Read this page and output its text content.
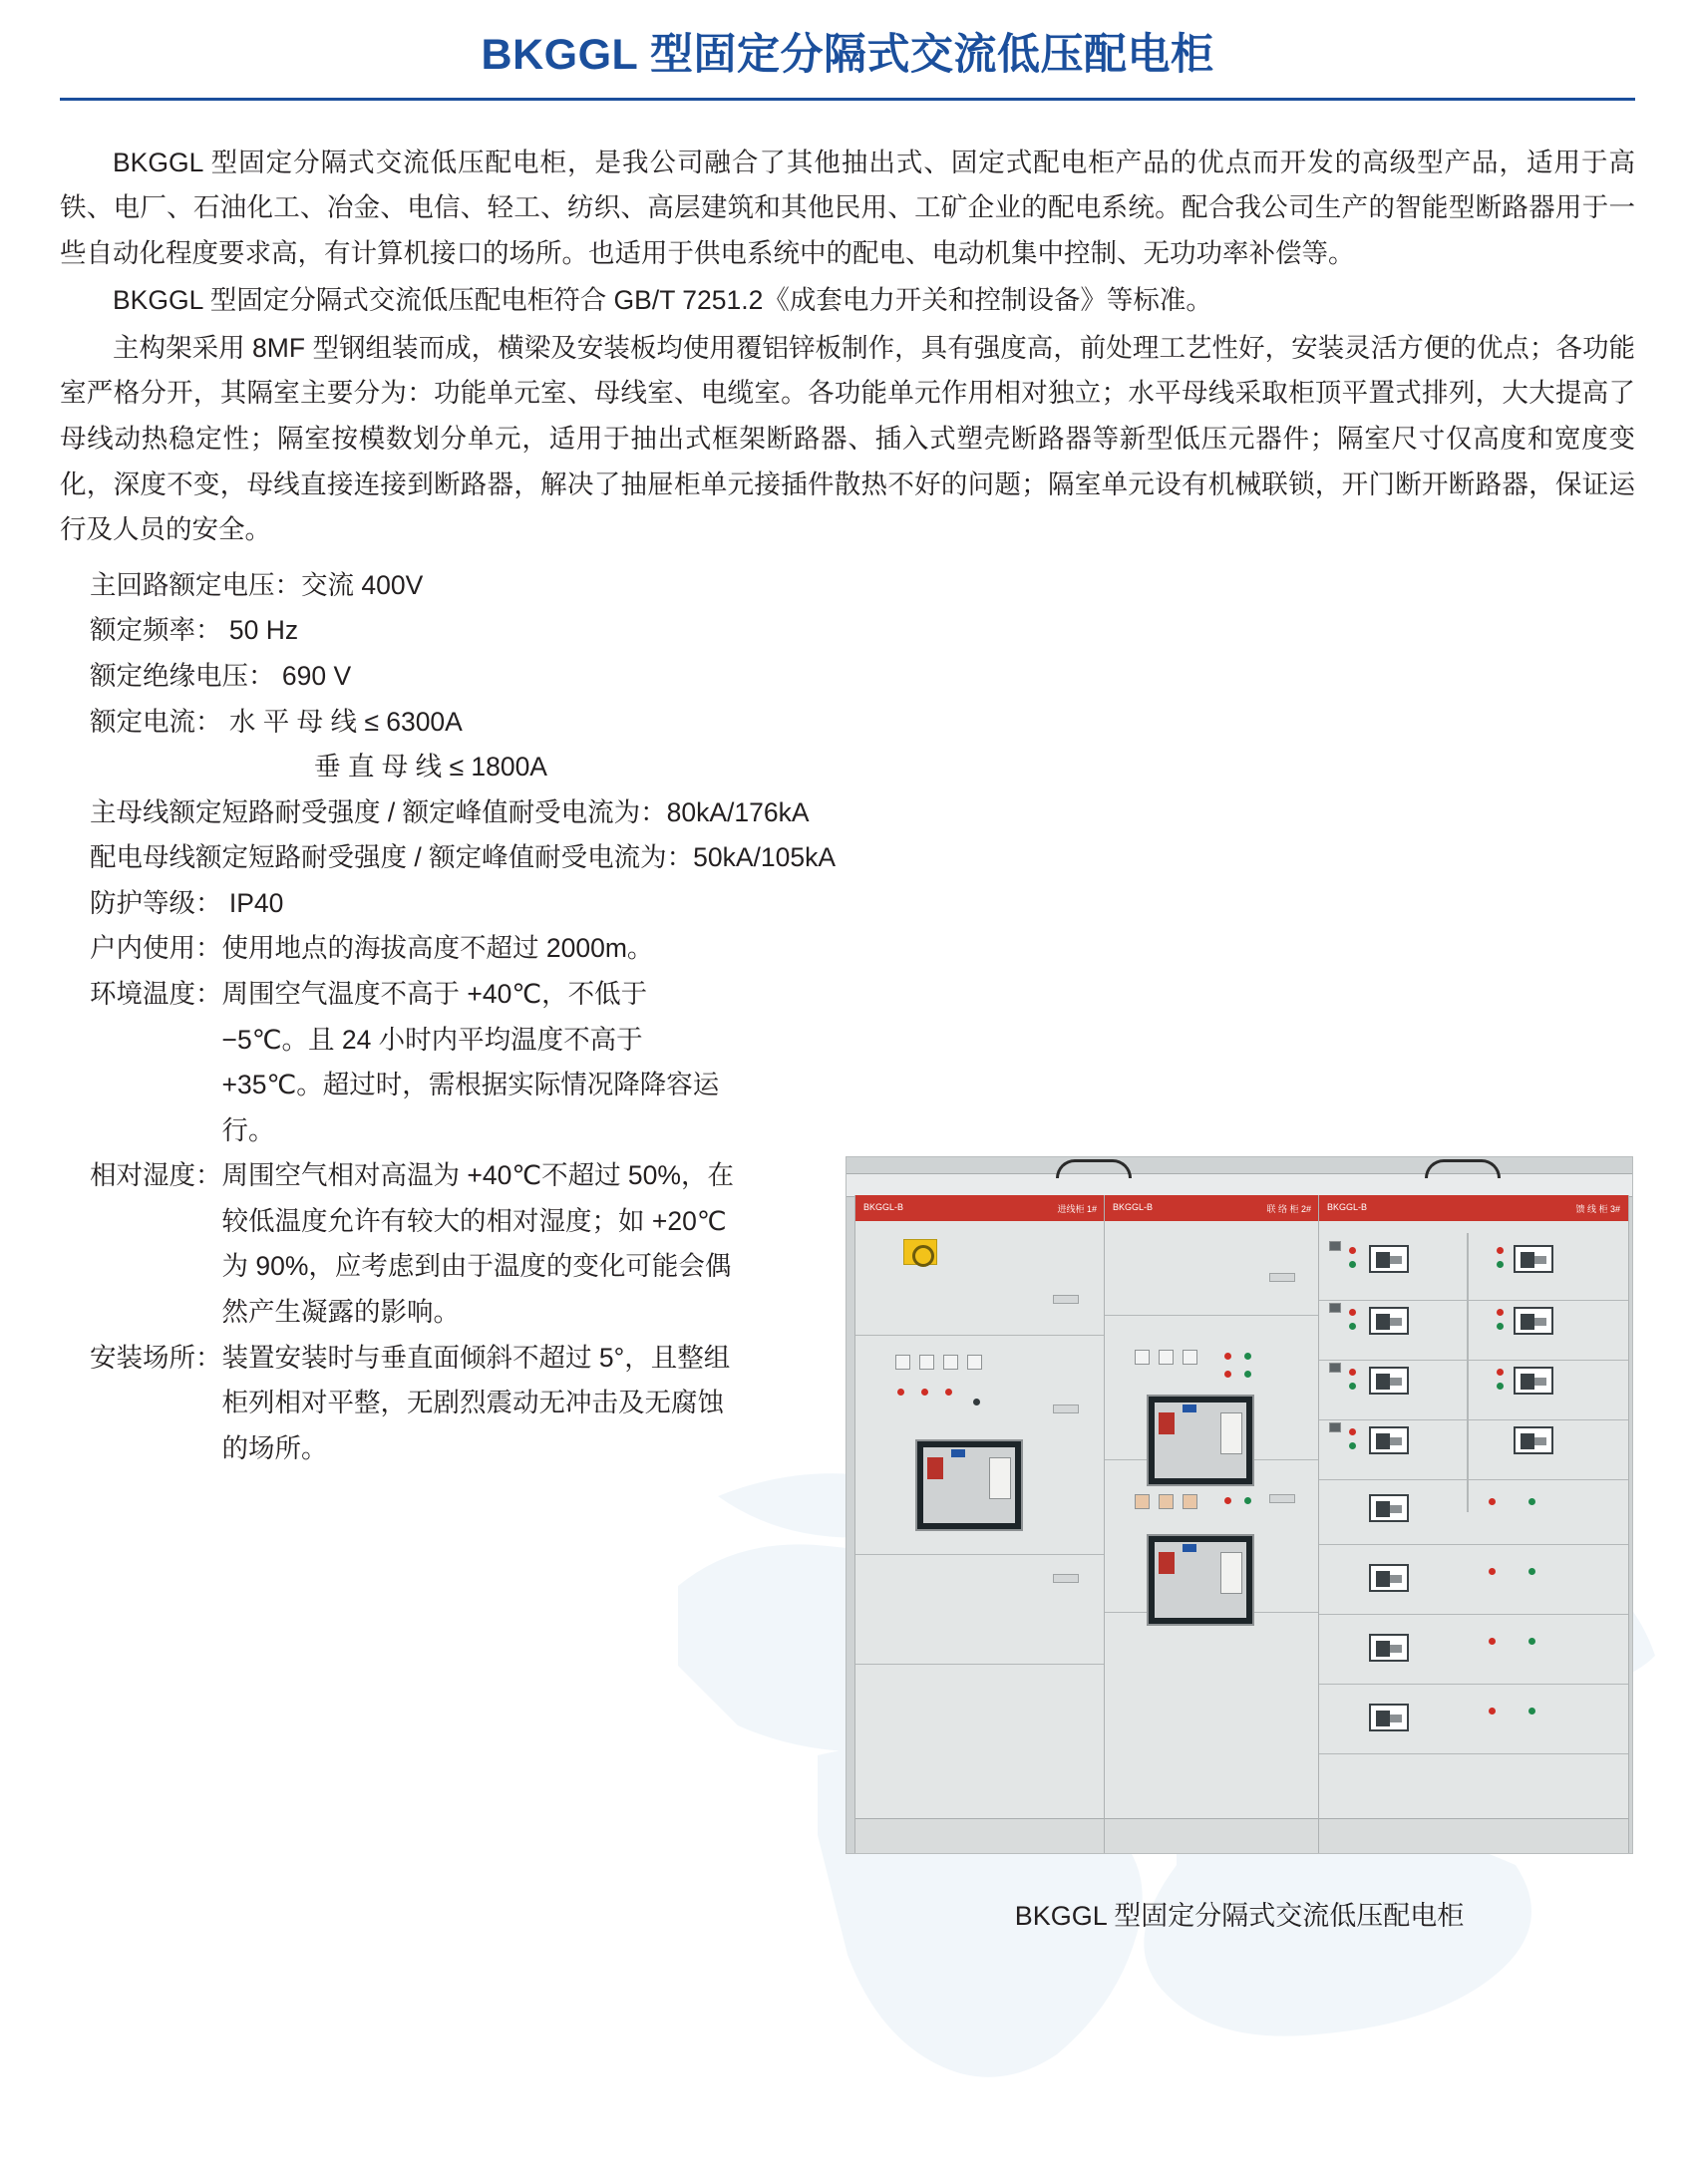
BKGGL 型固定分隔式交流低压配电柜

BKGGL 型固定分隔式交流低压配电柜，是我公司融合了其他抽出式、固定式配电柜产品的优点而开发的高级型产品，适用于高铁、电厂、石油化工、冶金、电信、轻工、纺织、高层建筑和其他民用、工矿企业的配电系统。配合我公司生产的智能型断路器用于一些自动化程度要求高，有计算机接口的场所。也适用于供电系统中的配电、电动机集中控制、无功功率补偿等。

BKGGL 型固定分隔式交流低压配电柜符合 GB/T 7251.2《成套电力开关和控制设备》等标准。

主构架采用 8MF 型钢组装而成，横梁及安装板均使用覆铝锌板制作，具有强度高，前处理工艺性好，安装灵活方便的优点；各功能室严格分开，其隔室主要分为：功能单元室、母线室、电缆室。各功能单元作用相对独立；水平母线采取柜顶平置式排列，大大提高了母线动热稳定性；隔室按模数划分单元，适用于抽出式框架断路器、插入式塑壳断路器等新型低压元器件；隔室尺寸仅高度和宽度变化，深度不变，母线直接连接到断路器，解决了抽屉柜单元接插件散热不好的问题；隔室单元设有机械联锁，开门断开断路器，保证运行及人员的安全。

主回路额定电压：交流 400V

额定频率： 50 Hz

额定绝缘电压： 690 V

额定电流： 水 平 母 线 ≤ 6300A

垂 直 母 线 ≤ 1800A

主母线额定短路耐受强度 / 额定峰值耐受电流为：80kA/176kA

配电母线额定短路耐受强度 / 额定峰值耐受电流为：50kA/105kA

防护等级： IP40

户内使用：使用地点的海拔高度不超过 2000m。

环境温度： 周围空气温度不高于 +40℃，不低于 −5℃。且 24 小时内平均温度不高于 +35℃。超过时，需根据实际情况降降容运行。
相对湿度： 周围空气相对高温为 +40℃不超过 50%，在较低温度允许有较大的相对湿度；如 +20℃为 90%，应考虑到由于温度的变化可能会偶然产生凝露的影响。
安装场所： 装置安装时与垂直面倾斜不超过 5°，且整组柜列相对平整，无剧烈震动无冲击及无腐蚀的场所。
BKGGL-B	进线柜 1# BKGGL-B	联 络 柜 2# BKGGL-B	馈 线 柜 3#
BKGGL 型固定分隔式交流低压配电柜
